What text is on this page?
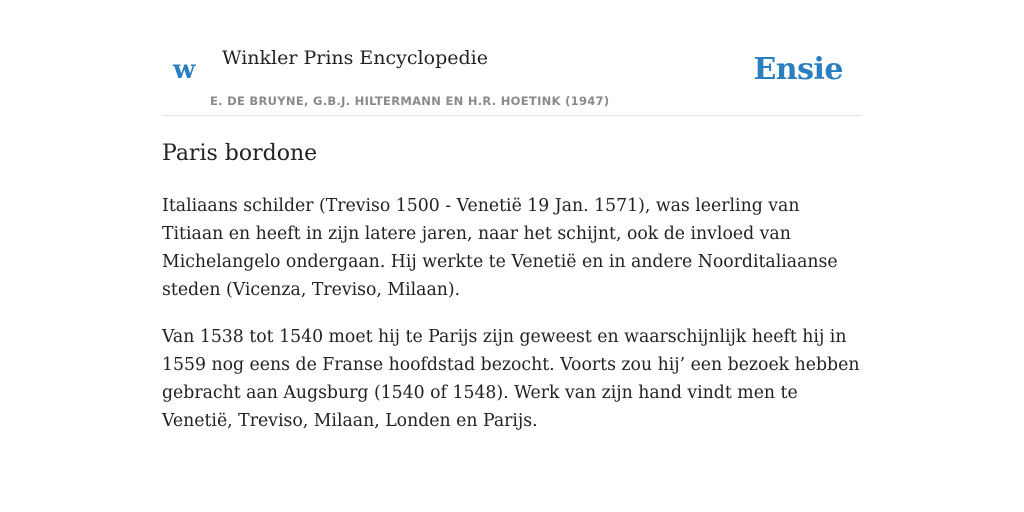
w Winkler Prins Encyclopedie
E. DE BRUYNE, G.B.J. HILTERMANN EN H.R. HOETINK (1947)
Ensie
Paris bordone

Italiaans schilder (Treviso 1500 - Venetië 19 Jan. 1571), was leerling van Titiaan en heeft in zijn latere jaren, naar het schijnt, ook de invloed van Michelangelo ondergaan. Hij werkte te Venetië en in andere Noorditaliaanse steden (Vicenza, Treviso, Milaan).

Van 1538 tot 1540 moet hij te Parijs zijn geweest en waarschijnlijk heeft hij in 1559 nog eens de Franse hoofdstad bezocht. Voorts zou hij’ een bezoek hebben gebracht aan Augsburg (1540 of 1548). Werk van zijn hand vindt men te Venetië, Treviso, Milaan, Londen en Parijs.
